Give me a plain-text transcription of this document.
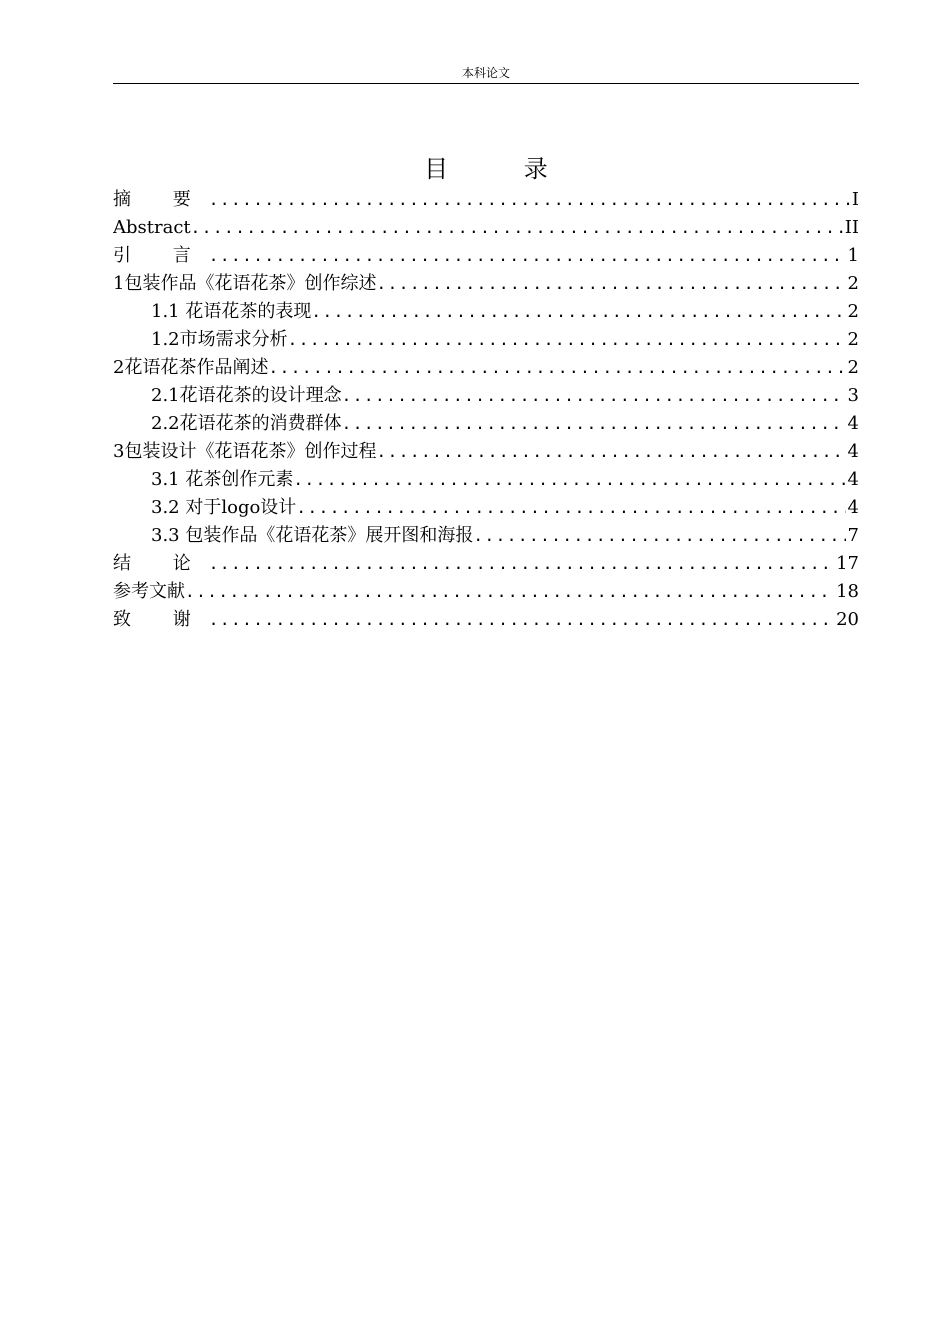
本科论文
目 录
摘 要 .....	I
Abstract .....	II
引 言 .....	1
1包装作品《花语花茶》创作综述 .....	2
1.1 花语花茶的表现 .....	2
1.2市场需求分析 .....	2
2花语花茶作品阐述 .....	2
2.1花语花茶的设计理念 .....	3
2.2花语花茶的消费群体 .....	4
3包装设计《花语花茶》创作过程 .....	4
3.1 花茶创作元素 .....	4
3.2 对于logo设计 .....	4
3.3 包装作品《花语花茶》展开图和海报 .....	7
结 论 .....	17
参考文献 .....	18
致 谢 .....	20
